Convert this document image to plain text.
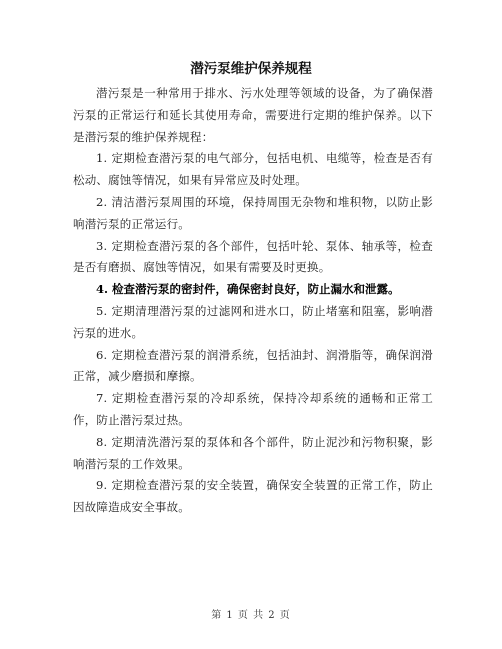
潜污泵维护保养规程

潜污泵是一种常用于排水、污水处理等领域的设备，为了确保潜污泵的正常运行和延长其使用寿命，需要进行定期的维护保养。以下是潜污泵的维护保养规程：

1. 定期检查潜污泵的电气部分，包括电机、电缆等，检查是否有松动、腐蚀等情况，如果有异常应及时处理。

2. 清洁潜污泵周围的环境，保持周围无杂物和堆积物，以防止影响潜污泵的正常运行。

3. 定期检查潜污泵的各个部件，包括叶轮、泵体、轴承等，检查是否有磨损、腐蚀等情况，如果有需要及时更换。

4. 检查潜污泵的密封件，确保密封良好，防止漏水和泄露。

5. 定期清理潜污泵的过滤网和进水口，防止堵塞和阻塞，影响潜污泵的进水。

6. 定期检查潜污泵的润滑系统，包括油封、润滑脂等，确保润滑正常，减少磨损和摩擦。

7. 定期检查潜污泵的冷却系统，保持冷却系统的通畅和正常工作，防止潜污泵过热。

8. 定期清洗潜污泵的泵体和各个部件，防止泥沙和污物积聚，影响潜污泵的工作效果。

9. 定期检查潜污泵的安全装置，确保安全装置的正常工作，防止因故障造成安全事故。

第 1 页 共 2 页
